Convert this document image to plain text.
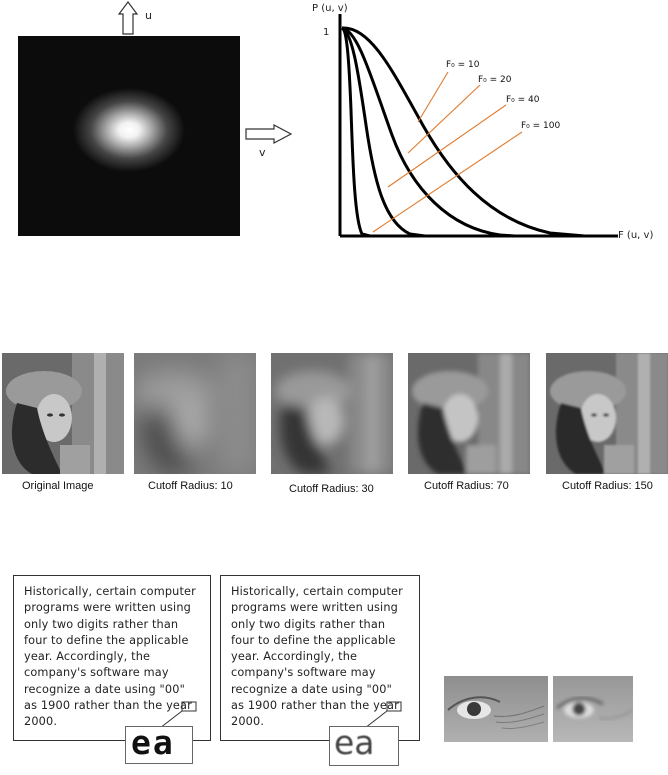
u
v
P (u, v)
1
F (u, v)
F₀ = 10
F₀ = 20
F₀ = 40
F₀ = 100
Original Image	Cutoff Radius: 10	Cutoff Radius: 30	Cutoff Radius: 70	Cutoff Radius: 150

Historically, certain computer
programs were written using
only two digits rather than
four to define the applicable
year. Accordingly, the
company's software may
recognize a date using "00"
as 1900 rather than the year
2000.

ea

Historically, certain computer
programs were written using
only two digits rather than
four to define the applicable
year. Accordingly, the
company's software may
recognize a date using "00"
as 1900 rather than the year
2000.

ea
